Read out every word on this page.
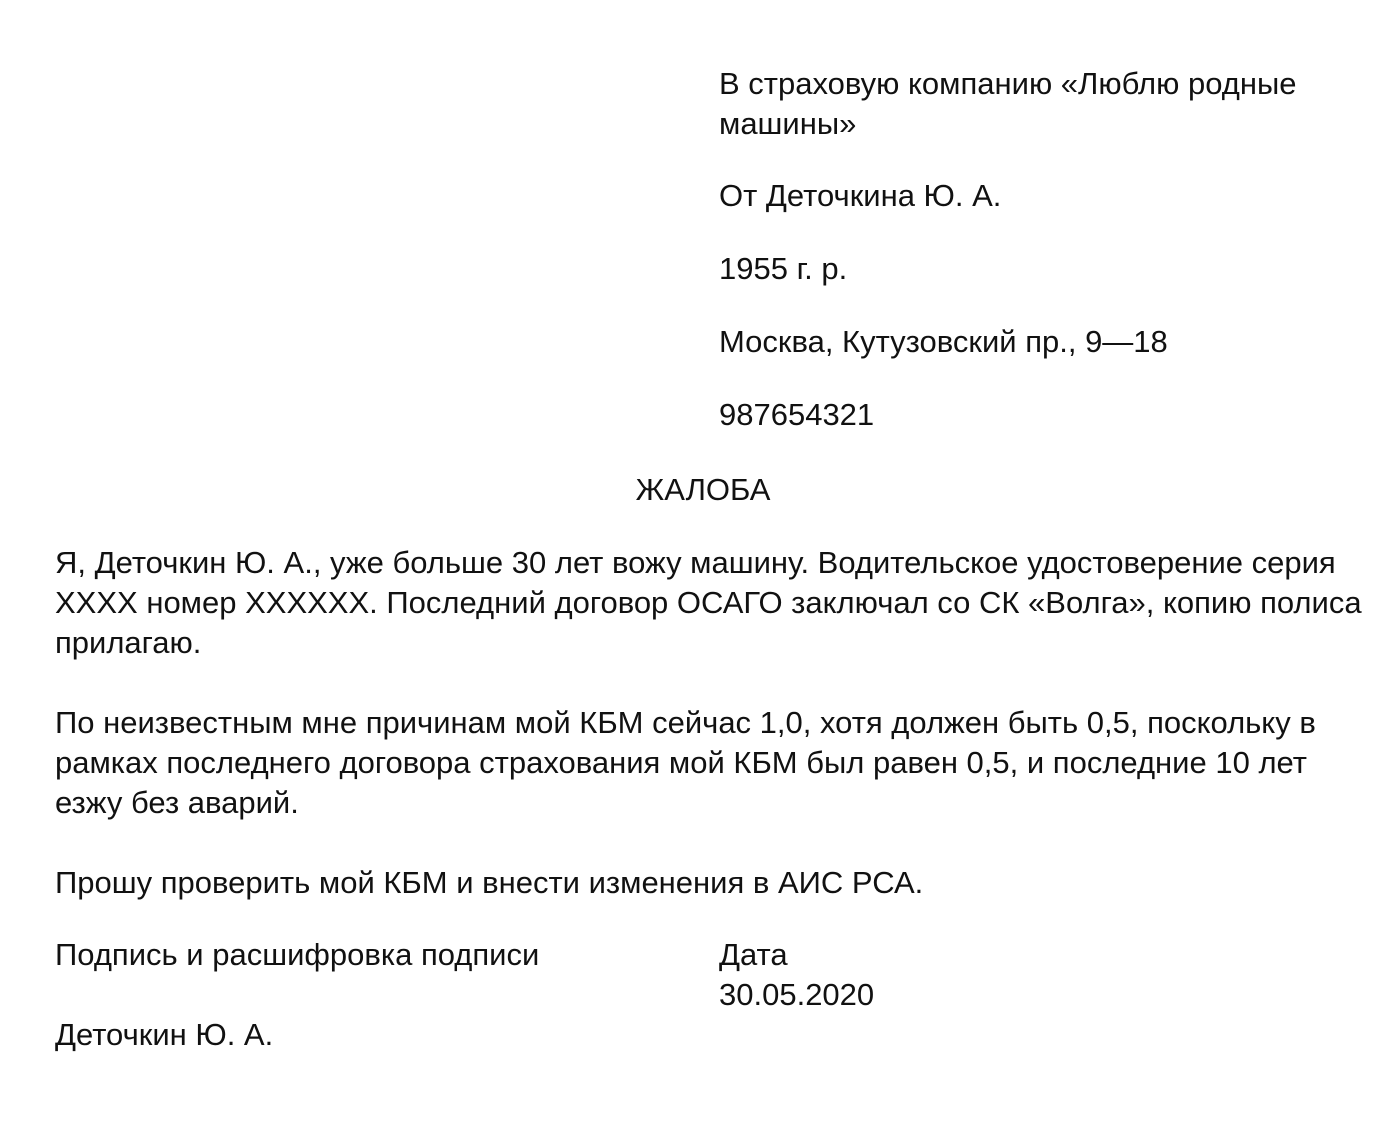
В страховую компанию «Люблю родные машины»
От Деточкина Ю. А.
1955 г. р.
Москва, Кутузовский пр., 9—18
987654321
ЖАЛОБА

Я, Деточкин Ю. А., уже больше 30 лет вожу машину. Водительское удостоверение серия ХХХХ номер ХХХХХХ. Последний договор ОСАГО заключал со СК «Волга», копию полиса прилагаю.

По неизвестным мне причинам мой КБМ сейчас 1,0, хотя должен быть 0,5, поскольку в рамках последнего договора страхования мой КБМ был равен 0,5, и последние 10 лет езжу без аварий.

Прошу проверить мой КБМ и внести изменения в АИС РСА.

Подпись и расшифровка подписи
Деточкин Ю. А.
Дата
30.05.2020
